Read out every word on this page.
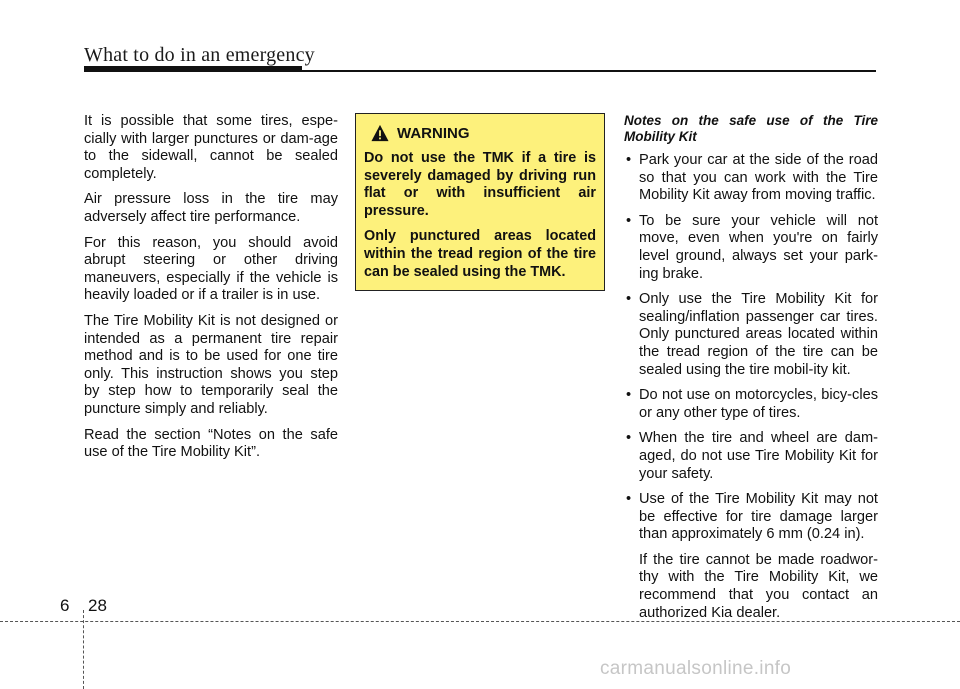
What to do in an emergency

It is possible that some tires, espe-cially with larger punctures or dam-age to the sidewall, cannot be sealed completely.

Air pressure loss in the tire may adversely affect tire performance.

For this reason, you should avoid abrupt steering or other driving maneuvers, especially if the vehicle is heavily loaded or if a trailer is in use.

The Tire Mobility Kit is not designed or intended as a permanent tire repair method and is to be used for one tire only. This instruction shows you step by step how to temporarily seal the puncture simply and reliably.

Read the section “Notes on the safe use of the Tire Mobility Kit”.

WARNING

Do not use the TMK if a tire is severely damaged by driving run flat or with insufficient air pressure.

Only punctured areas located within the tread region of the tire can be sealed using the TMK.

Notes on the safe use of the Tire Mobility Kit

• Park your car at the side of the road so that you can work with the Tire Mobility Kit away from moving traffic.
• To be sure your vehicle will not move, even when you're on fairly level ground, always set your park-ing brake.
• Only use the Tire Mobility Kit for sealing/inflation passenger car tires. Only punctured areas located within the tread region of the tire can be sealed using the tire mobil-ity kit.
• Do not use on motorcycles, bicy-cles or any other type of tires.
• When the tire and wheel are dam-aged, do not use Tire Mobility Kit for your safety.
• Use of the Tire Mobility Kit may not be effective for tire damage larger than approximately 6 mm (0.24 in).

If the tire cannot be made roadwor-thy with the Tire Mobility Kit, we recommend that you contact an authorized Kia dealer.

6 28
carmanualsonline.info
